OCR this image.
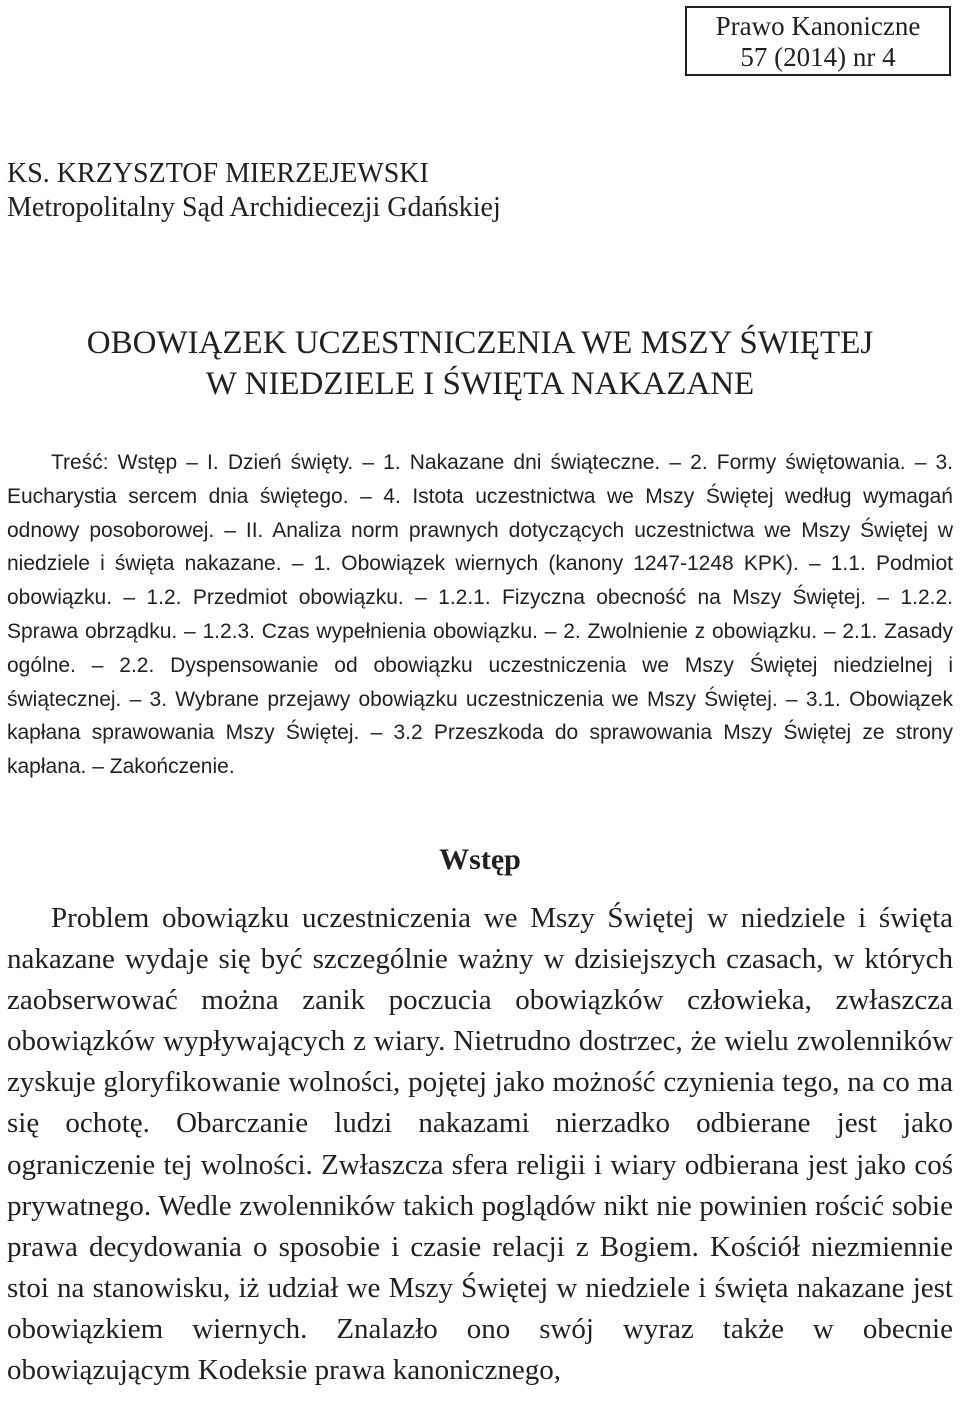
Prawo Kanoniczne
57 (2014) nr 4
KS. KRZYSZTOF MIERZEJEWSKI
Metropolitalny Sąd Archidiecezji Gdańskiej
OBOWIĄZEK UCZESTNICZENIA WE MSZY ŚWIĘTEJ
W NIEDZIELE I ŚWIĘTA NAKAZANE

Treść: Wstęp – I. Dzień święty. – 1. Nakazane dni świąteczne. – 2. Formy świętowania. – 3. Eucharystia sercem dnia świętego. – 4. Istota uczestnictwa we Mszy Świętej według wymagań odnowy posoborowej. – II. Analiza norm prawnych dotyczących uczestnictwa we Mszy Świętej w niedziele i święta nakazane. – 1. Obowiązek wiernych (kanony 1247-1248 KPK). – 1.1. Podmiot obowiązku. – 1.2. Przedmiot obowiązku. – 1.2.1. Fizyczna obecność na Mszy Świętej. – 1.2.2. Sprawa obrządku. – 1.2.3. Czas wypełnienia obowiązku. – 2. Zwolnienie z obowiązku. – 2.1. Zasady ogólne. – 2.2. Dyspensowanie od obowiązku uczestniczenia we Mszy Świętej niedzielnej i świątecznej. – 3. Wybrane przejawy obowiązku uczestniczenia we Mszy Świętej. – 3.1. Obowiązek kapłana sprawowania Mszy Świętej. – 3.2 Przeszkoda do sprawowania Mszy Świętej ze strony kapłana. – Zakończenie.

Wstęp

Problem obowiązku uczestniczenia we Mszy Świętej w niedziele i święta nakazane wydaje się być szczególnie ważny w dzisiejszych czasach, w których zaobserwować można zanik poczucia obowiązków człowieka, zwłaszcza obowiązków wypływających z wiary. Nietrudno dostrzec, że wielu zwolenników zyskuje gloryfikowanie wolności, pojętej jako możność czynienia tego, na co ma się ochotę. Obarczanie ludzi nakazami nierzadko odbierane jest jako ograniczenie tej wolności. Zwłaszcza sfera religii i wiary odbierana jest jako coś prywatnego. Wedle zwolenników takich poglądów nikt nie powinien rościć sobie prawa decydowania o sposobie i czasie relacji z Bogiem. Kościół niezmiennie stoi na stanowisku, iż udział we Mszy Świętej w niedziele i święta nakazane jest obowiązkiem wiernych. Znalazło ono swój wyraz także w obecnie obowiązującym Kodeksie prawa kanonicznego,
